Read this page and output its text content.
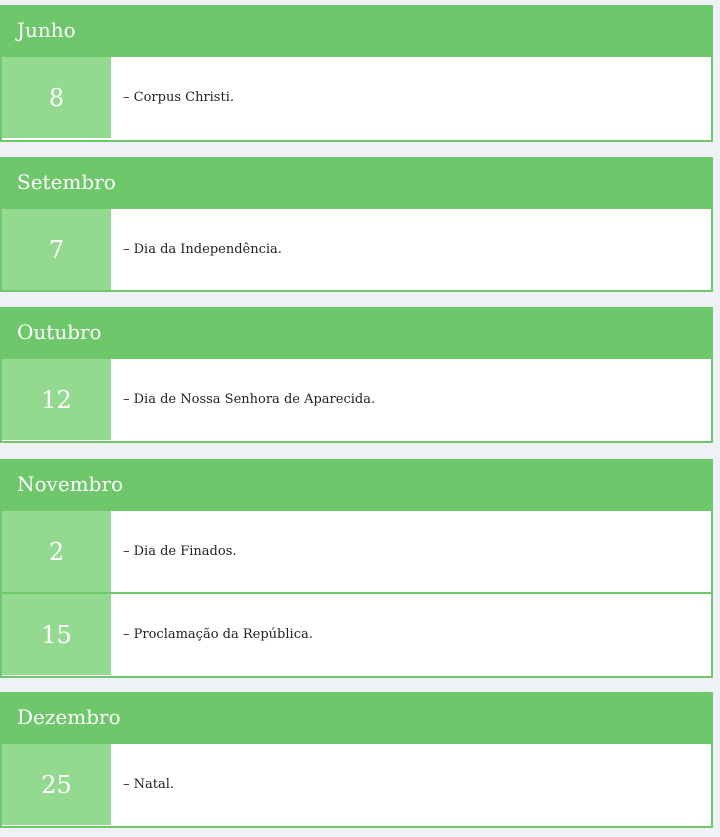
Junho
8	– Corpus Christi.
Setembro
7	– Dia da Independência.
Outubro
12	– Dia de Nossa Senhora de Aparecida.
Novembro
2	– Dia de Finados.
15	– Proclamação da República.
Dezembro
25	– Natal.
